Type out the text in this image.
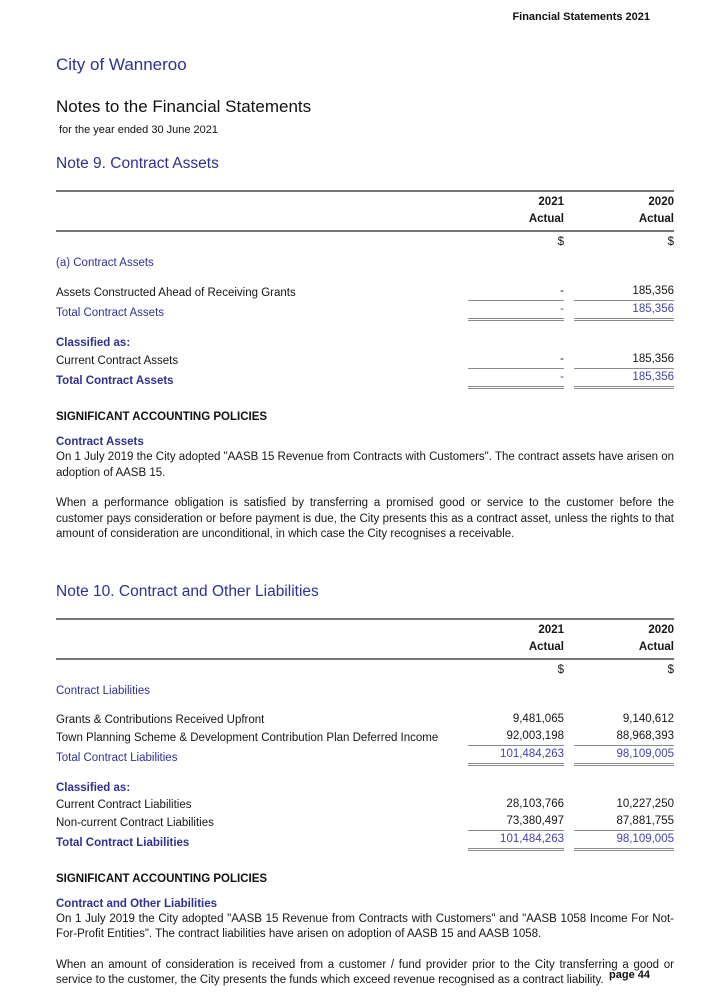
Financial Statements 2021
City of Wanneroo
Notes to the Financial Statements
for the year ended 30 June 2021
Note 9. Contract Assets
2021	2020
Actual	Actual
$	$
(a) Contract Assets
Assets Constructed Ahead of Receiving Grants	-	185,356
Total Contract Assets	-	185,356
Classified as:
Current Contract Assets	-	185,356
Total Contract Assets	-	185,356
SIGNIFICANT ACCOUNTING POLICIES
Contract Assets

On 1 July 2019 the City adopted "AASB 15 Revenue from Contracts with Customers". The contract assets have arisen on adoption of AASB 15.

When a performance obligation is satisfied by transferring a promised good or service to the customer before the customer pays consideration or before payment is due, the City presents this as a contract asset, unless the rights to that amount of consideration are unconditional, in which case the City recognises a receivable.

Note 10. Contract and Other Liabilities
2021	2020
Actual	Actual
$	$
Contract Liabilities
Grants & Contributions Received Upfront	9,481,065	9,140,612
Town Planning Scheme & Development Contribution Plan Deferred Income	92,003,198	88,968,393
Total Contract Liabilities	101,484,263	98,109,005
Classified as:
Current Contract Liabilities	28,103,766	10,227,250
Non-current Contract Liabilities	73,380,497	87,881,755
Total Contract Liabilities	101,484,263	98,109,005
SIGNIFICANT ACCOUNTING POLICIES
Contract and Other Liabilities

On 1 July 2019 the City adopted "AASB 15 Revenue from Contracts with Customers" and "AASB 1058 Income For Not-For-Profit Entities". The contract liabilities have arisen on adoption of AASB 15 and AASB 1058.

When an amount of consideration is received from a customer / fund provider prior to the City transferring a good or service to the customer, the City presents the funds which exceed revenue recognised as a contract liability. page 44
